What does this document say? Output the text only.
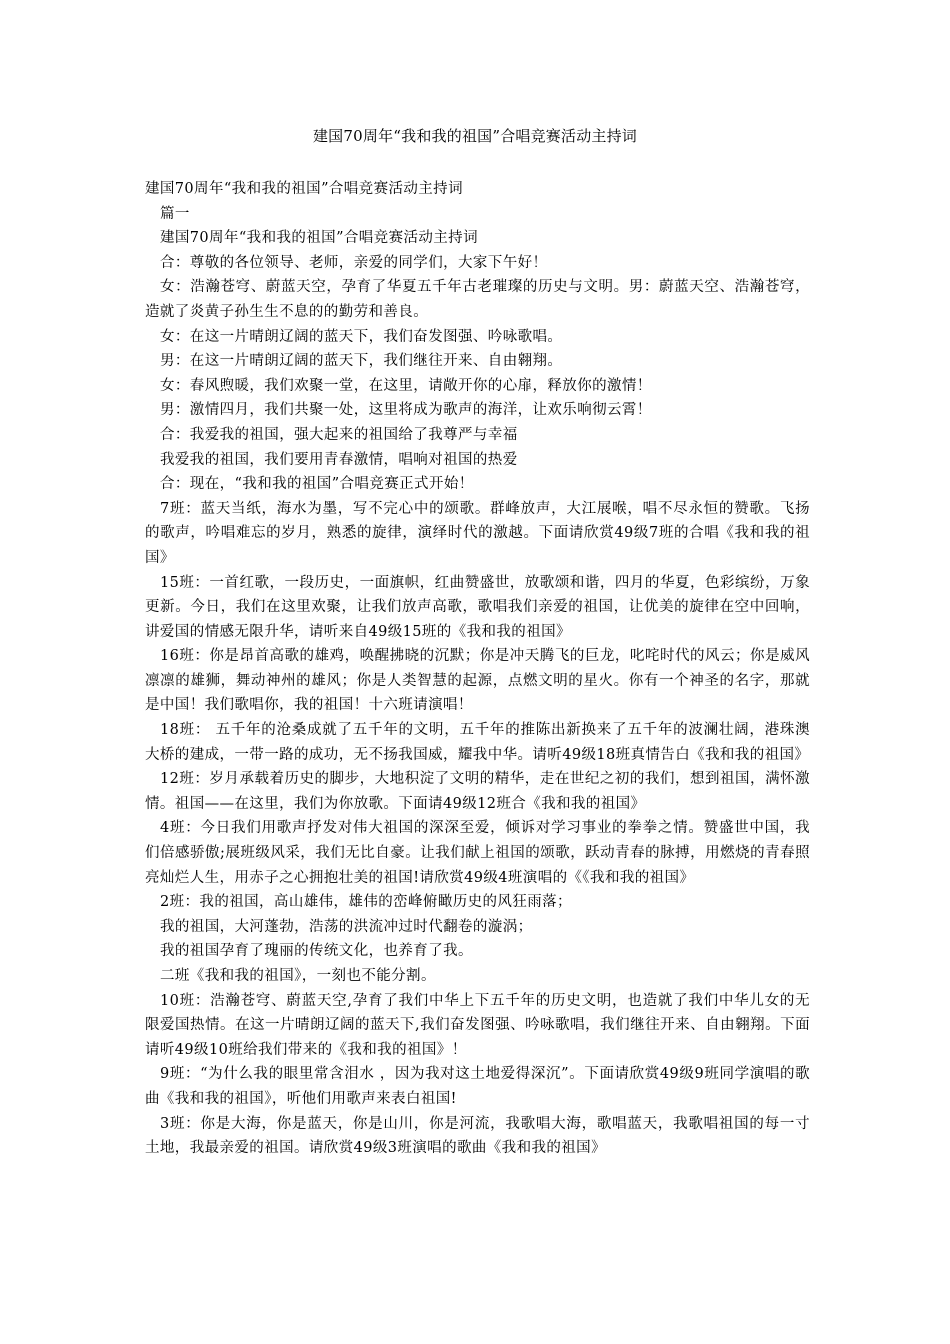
建国70周年“我和我的祖国”合唱竞赛活动主持词

建国70周年“我和我的祖国”合唱竞赛活动主持词

篇一

建国70周年“我和我的祖国”合唱竞赛活动主持词

合：尊敬的各位领导、老师，亲爱的同学们，大家下午好！

女：浩瀚苍穹、蔚蓝天空，孕育了华夏五千年古老璀璨的历史与文明。男：蔚蓝天空、浩瀚苍穹，造就了炎黄子孙生生不息的的勤劳和善良。

女：在这一片晴朗辽阔的蓝天下，我们奋发图强、吟咏歌唱。

男：在这一片晴朗辽阔的蓝天下，我们继往开来、自由翱翔。

女：春风煦暖，我们欢聚一堂，在这里，请敞开你的心扉，释放你的激情！

男：激情四月，我们共聚一处，这里将成为歌声的海洋，让欢乐响彻云霄！

合：我爱我的祖国，强大起来的祖国给了我尊严与幸福

我爱我的祖国，我们要用青春激情，唱响对祖国的热爱

合：现在，“我和我的祖国”合唱竞赛正式开始！

7班：蓝天当纸，海水为墨，写不完心中的颂歌。群峰放声，大江展喉，唱不尽永恒的赞歌。飞扬的歌声，吟唱难忘的岁月，熟悉的旋律，演绎时代的激越。下面请欣赏49级7班的合唱《我和我的祖国》

15班：一首红歌，一段历史，一面旗帜，红曲赞盛世，放歌颂和谐，四月的华夏，色彩缤纷，万象更新。今日，我们在这里欢聚，让我们放声高歌，歌唱我们亲爱的祖国，让优美的旋律在空中回响，讲爱国的情感无限升华，请听来自49级15班的《我和我的祖国》

16班：你是昂首高歌的雄鸡，唤醒拂晓的沉默；你是冲天腾飞的巨龙，叱咤时代的风云；你是威风凛凛的雄狮，舞动神州的雄风；你是人类智慧的起源，点燃文明的星火。你有一个神圣的名字，那就是中国！我们歌唱你，我的祖国！十六班请演唱！

18班： 五千年的沧桑成就了五千年的文明，五千年的推陈出新换来了五千年的波澜壮阔，港珠澳大桥的建成，一带一路的成功，无不扬我国威，耀我中华。请听49级18班真情告白《我和我的祖国》

12班：岁月承载着历史的脚步，大地积淀了文明的精华，走在世纪之初的我们，想到祖国，满怀激情。祖国——在这里，我们为你放歌。下面请49级12班合《我和我的祖国》

4班：今日我们用歌声抒发对伟大祖国的深深至爱，倾诉对学习事业的拳拳之情。赞盛世中国，我们倍感骄傲;展班级风采，我们无比自豪。让我们献上祖国的颂歌，跃动青春的脉搏，用燃烧的青春照亮灿烂人生，用赤子之心拥抱壮美的祖国!请欣赏49级4班演唱的《《我和我的祖国》

2班：我的祖国，高山雄伟，雄伟的峦峰俯瞰历史的风狂雨落；

我的祖国，大河蓬勃，浩荡的洪流冲过时代翻卷的漩涡；

我的祖国孕育了瑰丽的传统文化，也养育了我。

二班《我和我的祖国》，一刻也不能分割。

10班：浩瀚苍穹、蔚蓝天空,孕育了我们中华上下五千年的历史文明，也造就了我们中华儿女的无限爱国热情。在这一片晴朗辽阔的蓝天下,我们奋发图强、吟咏歌唱，我们继往开来、自由翱翔。下面请听49级10班给我们带来的《我和我的祖国》！

9班：“为什么我的眼里常含泪水 ，因为我对这土地爱得深沉”。下面请欣赏49级9班同学演唱的歌曲《我和我的祖国》，听他们用歌声来表白祖国!

3班：你是大海，你是蓝天，你是山川，你是河流，我歌唱大海，歌唱蓝天，我歌唱祖国的每一寸土地，我最亲爱的祖国。请欣赏49级3班演唱的歌曲《我和我的祖国》
